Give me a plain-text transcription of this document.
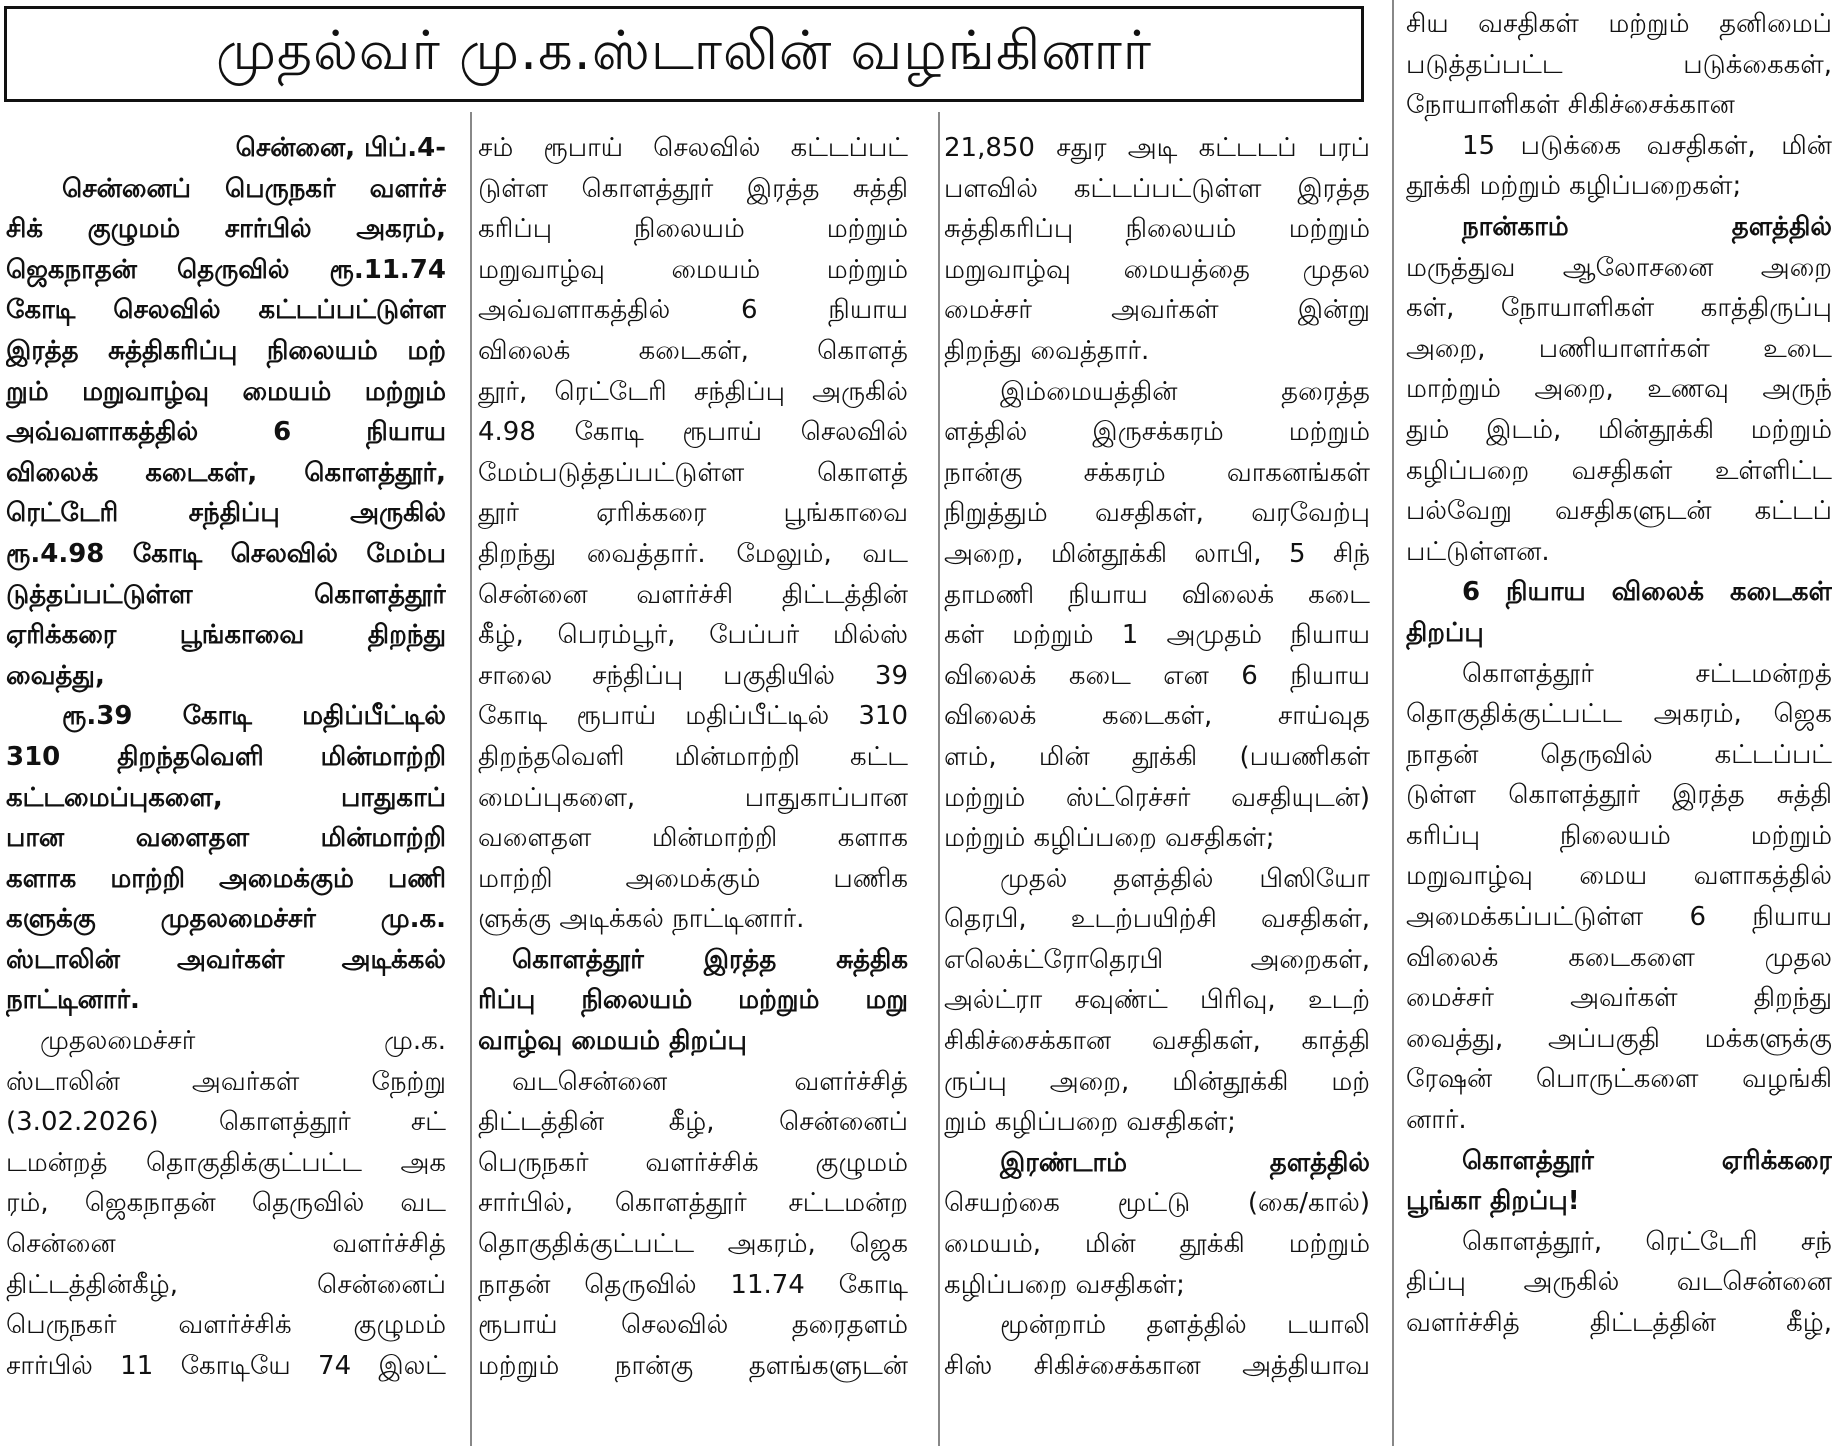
முதல்வர் மு.க.ஸ்டாலின் வழங்கினார்
சென்னை, பிப்.4-
சென்னைப் பெருநகர் வளர்ச்
சிக் குழுமம் சார்பில் அகரம்,
ஜெகநாதன் தெருவில் ரூ.11.74
கோடி செலவில் கட்டப்பட்டுள்ள
இரத்த சுத்திகரிப்பு நிலையம் மற்
றும் மறுவாழ்வு மையம் மற்றும்
அவ்வளாகத்தில் 6 நியாய
விலைக் கடைகள், கொளத்தூர்,
ரெட்டேரி சந்திப்பு அருகில்
ரூ.4.98 கோடி செலவில் மேம்ப
டுத்தப்பட்டுள்ள கொளத்தூர்
ஏரிக்கரை பூங்காவை திறந்து
வைத்து,
ரூ.39 கோடி மதிப்பீட்டில்
310 திறந்தவெளி மின்மாற்றி
கட்டமைப்புகளை, பாதுகாப்
பான வளைதள மின்மாற்றி
களாக மாற்றி அமைக்கும் பணி
களுக்கு முதலமைச்சர் மு.க.
ஸ்டாலின் அவர்கள் அடிக்கல்
நாட்டினார்.
முதலமைச்சர் மு.க.
ஸ்டாலின் அவர்கள் நேற்று
(3.02.2026) கொளத்தூர் சட்
டமன்றத் தொகுதிக்குட்பட்ட அக
ரம், ஜெகநாதன் தெருவில் வட
சென்னை வளர்ச்சித்
திட்டத்தின்கீழ், சென்னைப்
பெருநகர் வளர்ச்சிக் குழுமம்
சார்பில் 11 கோடியே 74 இலட்
சம் ரூபாய் செலவில் கட்டப்பட்
டுள்ள கொளத்தூர் இரத்த சுத்தி
கரிப்பு நிலையம் மற்றும்
மறுவாழ்வு மையம் மற்றும்
அவ்வளாகத்தில் 6 நியாய
விலைக் கடைகள், கொளத்
தூர், ரெட்டேரி சந்திப்பு அருகில்
4.98 கோடி ரூபாய் செலவில்
மேம்படுத்தப்பட்டுள்ள கொளத்
தூர் ஏரிக்கரை பூங்காவை
திறந்து வைத்தார். மேலும், வட
சென்னை வளர்ச்சி திட்டத்தின்
கீழ், பெரம்பூர், பேப்பர் மில்ஸ்
சாலை சந்திப்பு பகுதியில் 39
கோடி ரூபாய் மதிப்பீட்டில் 310
திறந்தவெளி மின்மாற்றி கட்ட
மைப்புகளை, பாதுகாப்பான
வளைதள மின்மாற்றி களாக
மாற்றி அமைக்கும் பணிக
ளுக்கு அடிக்கல் நாட்டினார்.
கொளத்தூர் இரத்த சுத்திக
ரிப்பு நிலையம் மற்றும் மறு
வாழ்வு மையம் திறப்பு
வடசென்னை வளர்ச்சித்
திட்டத்தின் கீழ், சென்னைப்
பெருநகர் வளர்ச்சிக் குழுமம்
சார்பில், கொளத்தூர் சட்டமன்ற
தொகுதிக்குட்பட்ட அகரம், ஜெக
நாதன் தெருவில் 11.74 கோடி
ரூபாய் செலவில் தரைதளம்
மற்றும் நான்கு தளங்களுடன்
21,850 சதுர அடி கட்டடப் பரப்
பளவில் கட்டப்பட்டுள்ள இரத்த
சுத்திகரிப்பு நிலையம் மற்றும்
மறுவாழ்வு மையத்தை முதல
மைச்சர் அவர்கள் இன்று
திறந்து வைத்தார்.
இம்மையத்தின் தரைத்த
ளத்தில் இருசக்கரம் மற்றும்
நான்கு சக்கரம் வாகனங்கள்
நிறுத்தும் வசதிகள், வரவேற்பு
அறை, மின்தூக்கி லாபி, 5 சிந்
தாமணி நியாய விலைக் கடை
கள் மற்றும் 1 அமுதம் நியாய
விலைக் கடை என 6 நியாய
விலைக் கடைகள், சாய்வுத
ளம், மின் தூக்கி (பயணிகள்
மற்றும் ஸ்ட்ரெச்சர் வசதியுடன்)
மற்றும் கழிப்பறை வசதிகள்;
முதல் தளத்தில் பிஸியோ
தெரபி, உடற்பயிற்சி வசதிகள்,
எலெக்ட்ரோதெரபி அறைகள்,
அல்ட்ரா சவுண்ட் பிரிவு, உடற்
சிகிச்சைக்கான வசதிகள், காத்தி
ருப்பு அறை, மின்தூக்கி மற்
றும் கழிப்பறை வசதிகள்;
இரண்டாம் தளத்தில்
செயற்கை மூட்டு (கை/கால்)
மையம், மின் தூக்கி மற்றும்
கழிப்பறை வசதிகள்;
மூன்றாம் தளத்தில் டயாலி
சிஸ் சிகிச்சைக்கான அத்தியாவ
சிய வசதிகள் மற்றும் தனிமைப்
படுத்தப்பட்ட படுக்கைகள்,
நோயாளிகள் சிகிச்சைக்கான
15 படுக்கை வசதிகள், மின்
தூக்கி மற்றும் கழிப்பறைகள்;
நான்காம் தளத்தில்
மருத்துவ ஆலோசனை அறை
கள், நோயாளிகள் காத்திருப்பு
அறை, பணியாளர்கள் உடை
மாற்றும் அறை, உணவு அருந்
தும் இடம், மின்தூக்கி மற்றும்
கழிப்பறை வசதிகள் உள்ளிட்ட
பல்வேறு வசதிகளுடன் கட்டப்
பட்டுள்ளன.
6 நியாய விலைக் கடைகள்
திறப்பு
கொளத்தூர் சட்டமன்றத்
தொகுதிக்குட்பட்ட அகரம், ஜெக
நாதன் தெருவில் கட்டப்பட்
டுள்ள கொளத்தூர் இரத்த சுத்தி
கரிப்பு நிலையம் மற்றும்
மறுவாழ்வு மைய வளாகத்தில்
அமைக்கப்பட்டுள்ள 6 நியாய
விலைக் கடைகளை முதல
மைச்சர் அவர்கள் திறந்து
வைத்து, அப்பகுதி மக்களுக்கு
ரேஷன் பொருட்களை வழங்கி
னார்.
கொளத்தூர் ஏரிக்கரை
பூங்கா திறப்பு!
கொளத்தூர், ரெட்டேரி சந்
திப்பு அருகில் வடசென்னை
வளர்ச்சித் திட்டத்தின் கீழ்,
